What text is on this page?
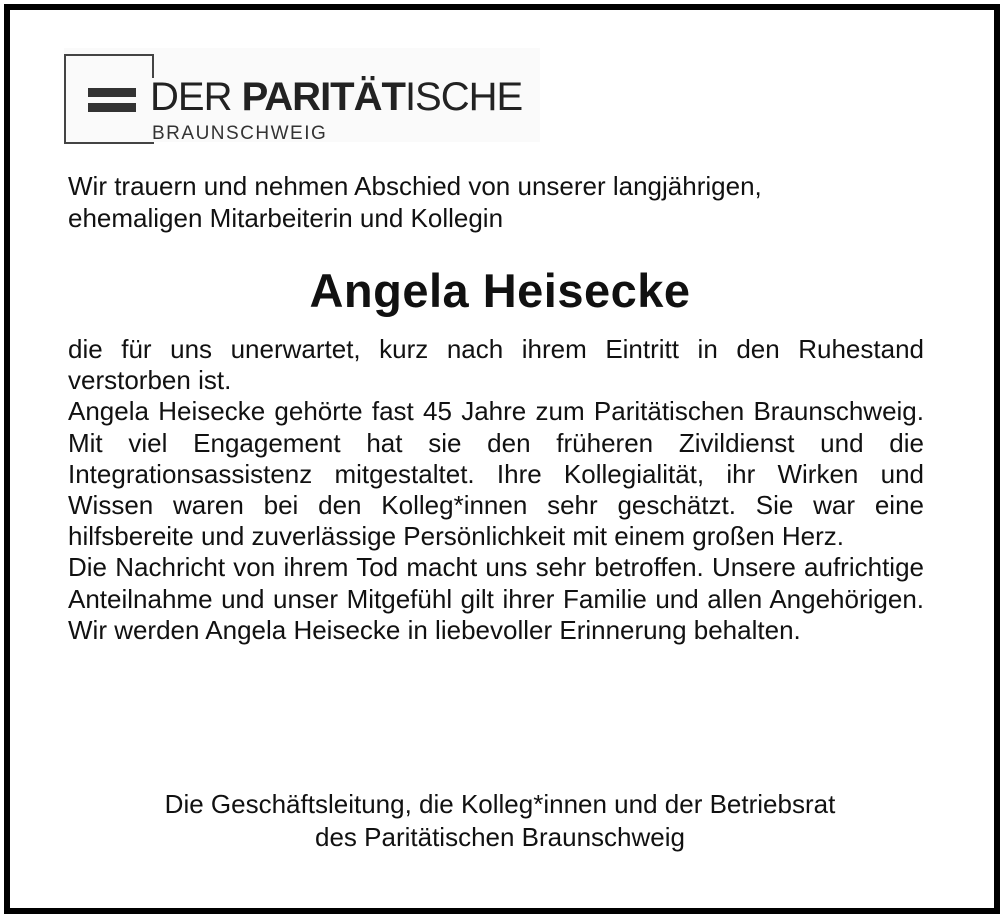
DER PARITÄTISCHE
BRAUNSCHWEIG

Wir trauern und nehmen Abschied von unserer langjährigen,

ehemaligen Mitarbeiterin und Kollegin

Angela Heisecke

die für uns unerwartet, kurz nach ihrem Eintritt in den Ruhestand verstorben ist.

Angela Heisecke gehörte fast 45 Jahre zum Paritätischen Braunschweig. Mit viel Engagement hat sie den früheren Zivildienst und die Integrationsassistenz mitgestaltet. Ihre Kollegialität, ihr Wirken und Wissen waren bei den Kolleg*innen sehr geschätzt. Sie war eine hilfsbereite und zuverlässige Persönlichkeit mit einem großen Herz.

Die Nachricht von ihrem Tod macht uns sehr betroffen. Unsere aufrichtige Anteilnahme und unser Mitgefühl gilt ihrer Familie und allen Angehörigen. Wir werden Angela Heisecke in liebevoller Erinnerung behalten.

Die Geschäftsleitung, die Kolleg*innen und der Betriebsrat

des Paritätischen Braunschweig
